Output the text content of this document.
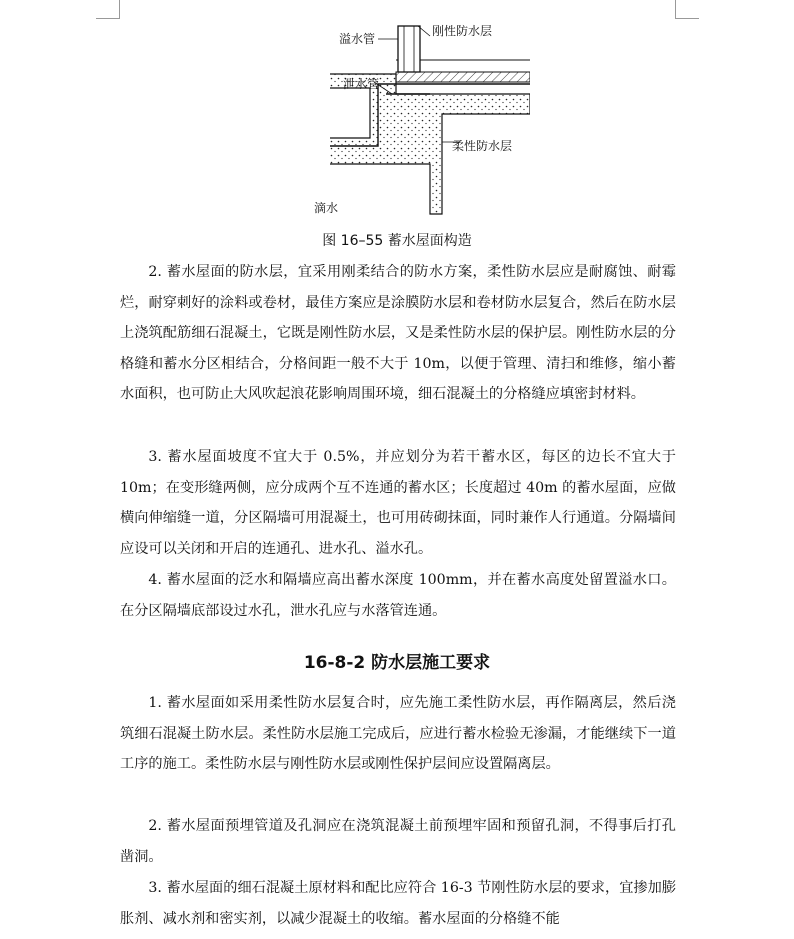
溢水管
刚性防水层
泄水管
柔性防水层
滴水
图 16–55 蓄水屋面构造

2. 蓄水屋面的防水层，宜采用刚柔结合的防水方案，柔性防水层应是耐腐蚀、耐霉烂，耐穿刺好的涂料或卷材，最佳方案应是涂膜防水层和卷材防水层复合，然后在防水层上浇筑配筋细石混凝土，它既是刚性防水层，又是柔性防水层的保护层。刚性防水层的分格缝和蓄水分区相结合，分格间距一般不大于 10m，以便于管理、清扫和维修，缩小蓄水面积，也可防止大风吹起浪花影响周围环境，细石混凝土的分格缝应填密封材料。

3. 蓄水屋面坡度不宜大于 0.5%，并应划分为若干蓄水区，每区的边长不宜大于 10m；在变形缝两侧，应分成两个互不连通的蓄水区；长度超过 40m 的蓄水屋面，应做横向伸缩缝一道，分区隔墙可用混凝土，也可用砖砌抹面，同时兼作人行通道。分隔墙间应设可以关闭和开启的连通孔、进水孔、溢水孔。

4. 蓄水屋面的泛水和隔墙应高出蓄水深度 100mm，并在蓄水高度处留置溢水口。在分区隔墙底部设过水孔，泄水孔应与水落管连通。

16-8-2 防水层施工要求

1. 蓄水屋面如采用柔性防水层复合时，应先施工柔性防水层，再作隔离层，然后浇筑细石混凝土防水层。柔性防水层施工完成后，应进行蓄水检验无渗漏，才能继续下一道工序的施工。柔性防水层与刚性防水层或刚性保护层间应设置隔离层。

2. 蓄水屋面预埋管道及孔洞应在浇筑混凝土前预埋牢固和预留孔洞，不得事后打孔凿洞。

3. 蓄水屋面的细石混凝土原材料和配比应符合 16-3 节刚性防水层的要求，宜掺加膨胀剂、减水剂和密实剂，以减少混凝土的收缩。蓄水屋面的分格缝不能
